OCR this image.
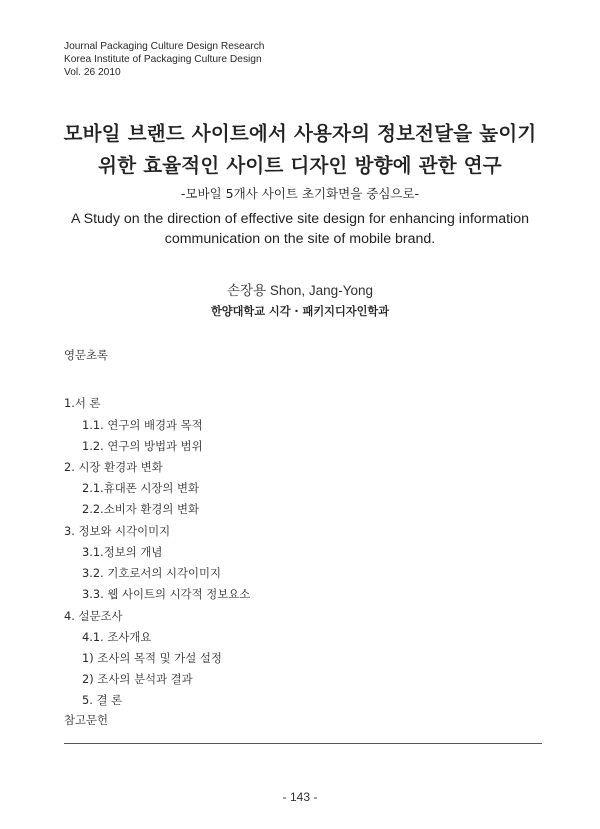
Journal Packaging Culture Design Research
Korea Institute of Packaging Culture Design
Vol. 26 2010
모바일 브랜드 사이트에서 사용자의 정보전달을 높이기
위한 효율적인 사이트 디자인 방향에 관한 연구
-모바일 5개사 사이트 초기화면을 중심으로-
A Study on the direction of effective site design for enhancing information
communication on the site of mobile brand.
손장용 Shon, Jang-Yong
한양대학교 시각 · 패키지디자인학과
영문초록
1.서 론
1.1. 연구의 배경과 목적
1.2. 연구의 방법과 범위
2. 시장 환경과 변화
2.1.휴대폰 시장의 변화
2.2.소비자 환경의 변화
3. 정보와 시각이미지
3.1.정보의 개념
3.2. 기호로서의 시각이미지
3.3. 웹 사이트의 시각적 정보요소
4. 설문조사
4.1. 조사개요
1) 조사의 목적 및 가설 설정
2) 조사의 분석과 결과
5. 결 론
참고문헌
- 143 -
